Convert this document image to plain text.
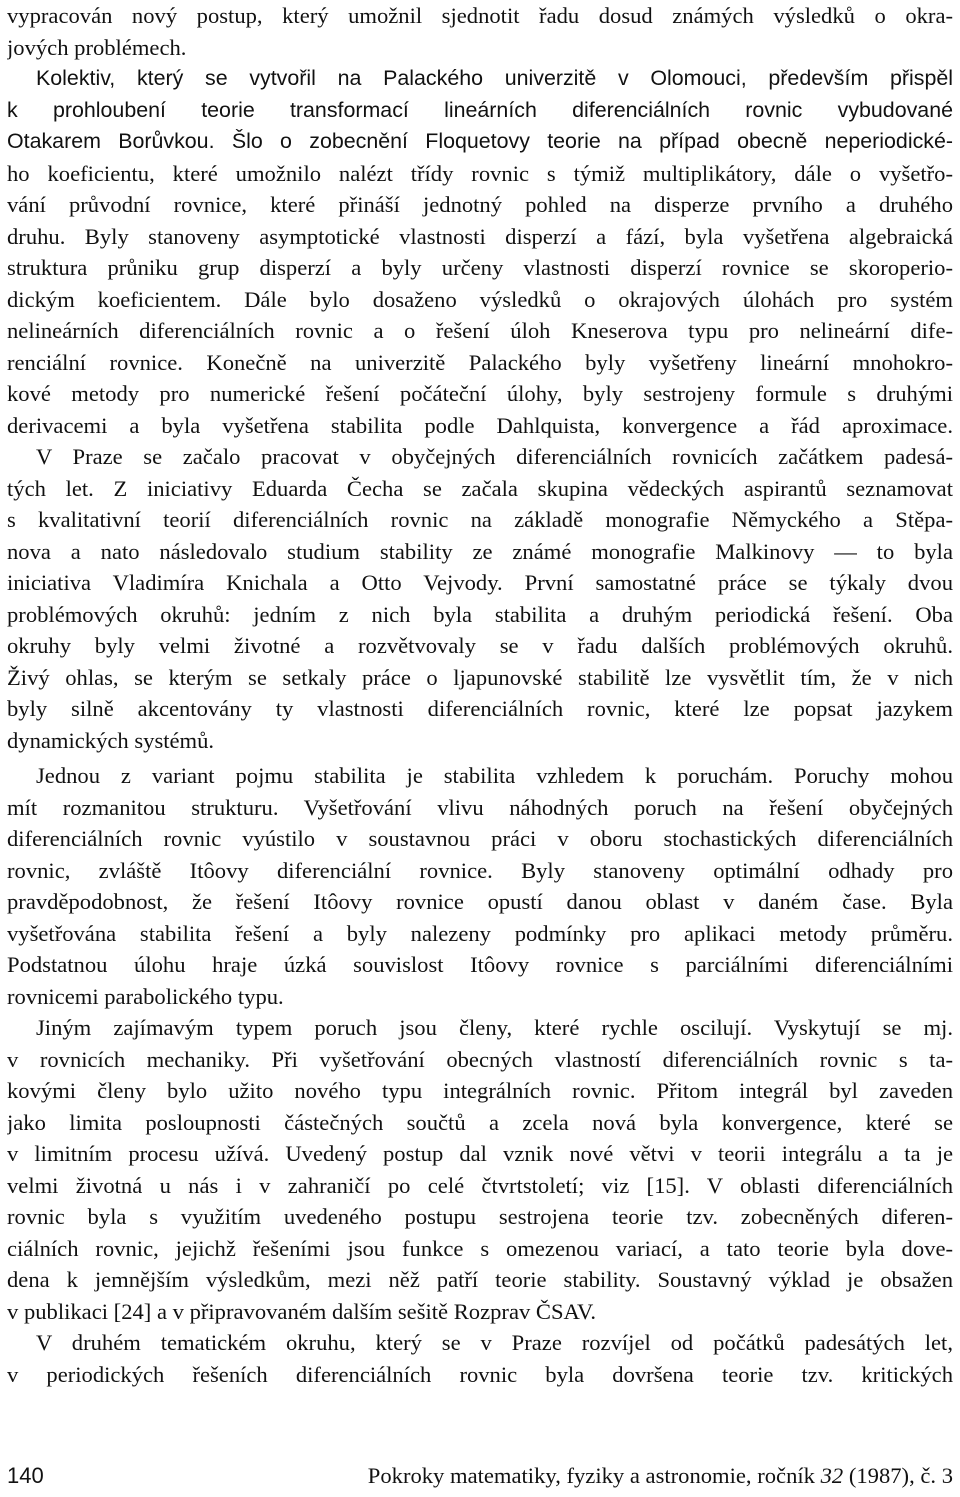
vypracován nový postup, který umožnil sjednotit řadu dosud známých výsledků o okra-
jových problémech.
Kolektiv, který se vytvořil na Palackého univerzitě v Olomouci, především přispěl
k prohloubení teorie transformací lineárních diferenciálních rovnic vybudované
Otakarem Borůvkou. Šlo o zobecnění Floquetovy teorie na případ obecně neperiodické-
ho koeficientu, které umožnilo nalézt třídy rovnic s týmiž multiplikátory, dále o vyšetřo-
vání průvodní rovnice, které přináší jednotný pohled na disperze prvního a druhého
druhu. Byly stanoveny asymptotické vlastnosti disperzí a fází, byla vyšetřena algebraická
struktura průniku grup disperzí a byly určeny vlastnosti disperzí rovnice se skoroperio-
dickým koeficientem. Dále bylo dosaženo výsledků o okrajových úlohách pro systém
nelineárních diferenciálních rovnic a o řešení úloh Kneserova typu pro nelineární dife-
renciální rovnice. Konečně na univerzitě Palackého byly vyšetřeny lineární mnohokro-
kové metody pro numerické řešení počáteční úlohy, byly sestrojeny formule s druhými
derivacemi a byla vyšetřena stabilita podle Dahlquista, konvergence a řád aproximace.
V Praze se začalo pracovat v obyčejných diferenciálních rovnicích začátkem padesá-
tých let. Z iniciativy Eduarda Čecha se začala skupina vědeckých aspirantů seznamovat
s kvalitativní teorií diferenciálních rovnic na základě monografie Němyckého a Stěpa-
nova a nato následovalo studium stability ze známé monografie Malkinovy — to byla
iniciativa Vladimíra Knichala a Otto Vejvody. První samostatné práce se týkaly dvou
problémových okruhů: jedním z nich byla stabilita a druhým periodická řešení. Oba
okruhy byly velmi životné a rozvětvovaly se v řadu dalších problémových okruhů.
Živý ohlas, se kterým se setkaly práce o ljapunovské stabilitě lze vysvětlit tím, že v nich
byly silně akcentovány ty vlastnosti diferenciálních rovnic, které lze popsat jazykem
dynamických systémů.
Jednou z variant pojmu stabilita je stabilita vzhledem k poruchám. Poruchy mohou
mít rozmanitou strukturu. Vyšetřování vlivu náhodných poruch na řešení obyčejných
diferenciálních rovnic vyústilo v soustavnou práci v oboru stochastických diferenciálních
rovnic, zvláště Itôovy diferenciální rovnice. Byly stanoveny optimální odhady pro
pravděpodobnost, že řešení Itôovy rovnice opustí danou oblast v daném čase. Byla
vyšetřována stabilita řešení a byly nalezeny podmínky pro aplikaci metody průměru.
Podstatnou úlohu hraje úzká souvislost Itôovy rovnice s parciálními diferenciálními
rovnicemi parabolického typu.
Jiným zajímavým typem poruch jsou členy, které rychle oscilují. Vyskytují se mj.
v rovnicích mechaniky. Při vyšetřování obecných vlastností diferenciálních rovnic s ta-
kovými členy bylo užito nového typu integrálních rovnic. Přitom integrál byl zaveden
jako limita posloupnosti částečných součtů a zcela nová byla konvergence, které se
v limitním procesu užívá. Uvedený postup dal vznik nové větvi v teorii integrálu a ta je
velmi životná u nás i v zahraničí po celé čtvrtstoletí; viz [15]. V oblasti diferenciálních
rovnic byla s využitím uvedeného postupu sestrojena teorie tzv. zobecněných diferen-
ciálních rovnic, jejichž řešeními jsou funkce s omezenou variací, a tato teorie byla dove-
dena k jemnějším výsledkům, mezi něž patří teorie stability. Soustavný výklad je obsažen
v publikaci [24] a v připravovaném dalším sešitě Rozprav ČSAV.
V druhém tematickém okruhu, který se v Praze rozvíjel od počátků padesátých let,
v periodických řešeních diferenciálních rovnic byla dovršena teorie tzv. kritických
140	Pokroky matematiky, fyziky a astronomie, ročník 32 (1987), č. 3
